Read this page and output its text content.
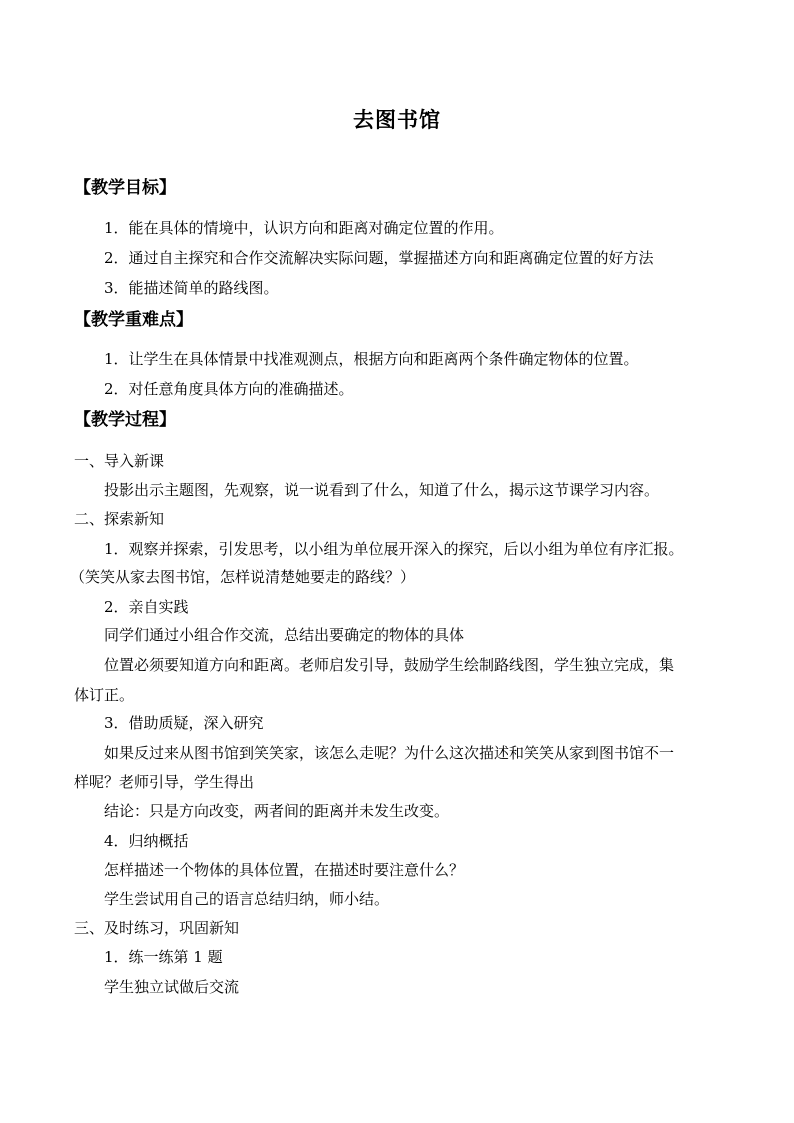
去图书馆
【教学目标】
1．能在具体的情境中，认识方向和距离对确定位置的作用。
2．通过自主探究和合作交流解决实际问题，掌握描述方向和距离确定位置的好方法
3．能描述简单的路线图。
【教学重难点】
1．让学生在具体情景中找准观测点，根据方向和距离两个条件确定物体的位置。
2．对任意角度具体方向的准确描述。
【教学过程】
一、导入新课
投影出示主题图，先观察，说一说看到了什么，知道了什么，揭示这节课学习内容。
二、探索新知
1．观察并探索，引发思考，以小组为单位展开深入的探究，后以小组为单位有序汇报。
（笑笑从家去图书馆，怎样说清楚她要走的路线？）
2．亲自实践
同学们通过小组合作交流，总结出要确定的物体的具体
位置必须要知道方向和距离。老师启发引导，鼓励学生绘制路线图，学生独立完成，集
体订正。
3．借助质疑，深入研究
如果反过来从图书馆到笑笑家，该怎么走呢？为什么这次描述和笑笑从家到图书馆不一
样呢？老师引导，学生得出
结论：只是方向改变，两者间的距离并未发生改变。
4．归纳概括
怎样描述一个物体的具体位置，在描述时要注意什么？
学生尝试用自己的语言总结归纳，师小结。
三、及时练习，巩固新知
1．练一练第 1 题
学生独立试做后交流
